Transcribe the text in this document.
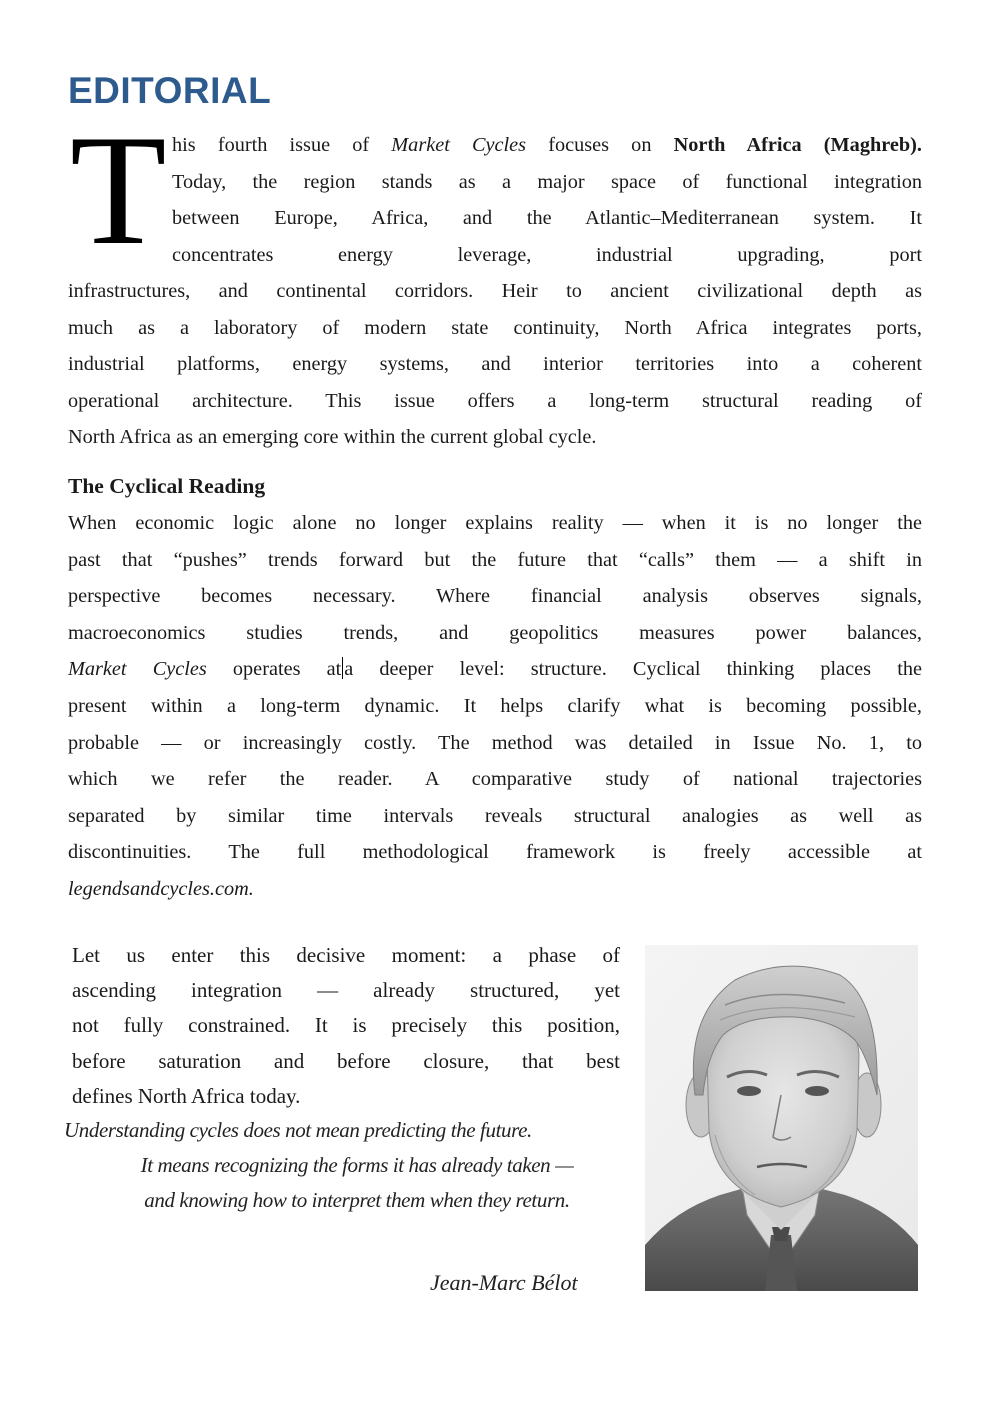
EDITORIAL
T his fourth issue of Market Cycles focuses on North Africa (Maghreb).
Today, the region stands as a major space of functional integration
between Europe, Africa, and the Atlantic–Mediterranean system. It
concentrates energy leverage, industrial upgrading, port
infrastructures, and continental corridors. Heir to ancient civilizational depth as
much as a laboratory of modern state continuity, North Africa integrates ports,
industrial platforms, energy systems, and interior territories into a coherent
operational architecture. This issue offers a long-term structural reading of
North Africa as an emerging core within the current global cycle.
The Cyclical Reading
When economic logic alone no longer explains reality — when it is no longer the
past that “pushes” trends forward but the future that “calls” them — a shift in
perspective becomes necessary. Where financial analysis observes signals,
macroeconomics studies trends, and geopolitics measures power balances,
Market Cycles operates at a deeper level: structure. Cyclical thinking places the
present within a long-term dynamic. It helps clarify what is becoming possible,
probable — or increasingly costly. The method was detailed in Issue No. 1, to
which we refer the reader. A comparative study of national trajectories
separated by similar time intervals reveals structural analogies as well as
discontinuities. The full methodological framework is freely accessible at
legendsandcycles.com.
Let us enter this decisive moment: a phase of
ascending integration — already structured, yet
not fully constrained. It is precisely this position,
before saturation and before closure, that best
defines North Africa today.
Understanding cycles does not mean predicting the future.
It means recognizing the forms it has already taken —
and knowing how to interpret them when they return.

Jean-Marc Bélot
